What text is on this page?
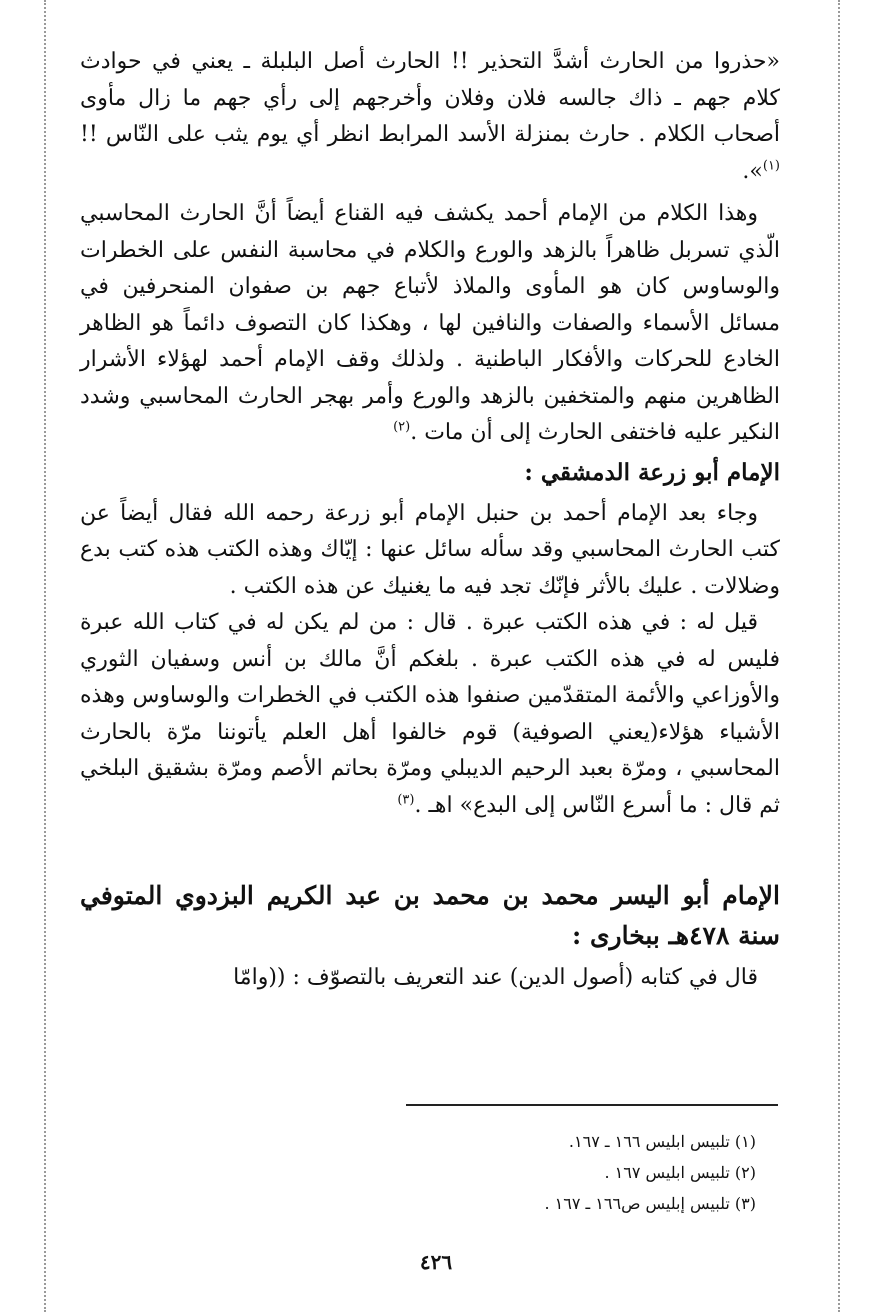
«حذروا من الحارث أشدَّ التحذير !! الحارث أصل البلبلة ـ يعني في حوادث كلام جهم ـ ذاك جالسه فلان وفلان وأخرجهم إلى رأي جهم ما زال مأوى أصحاب الكلام . حارث بمنزلة الأسد المرابط انظر أي يوم يثب على النّاس !!$^{(١)}$».

وهذا الكلام من الإمام أحمد يكشف فيه القناع أيضاً أنَّ الحارث المحاسبي الّذي تسربل ظاهراً بالزهد والورع والكلام في محاسبة النفس على الخطرات والوساوس كان هو المأوى والملاذ لأتباع جهم بن صفوان المنحرفين في مسائل الأسماء والصفات والنافين لها ، وهكذا كان التصوف دائماً هو الظاهر الخادع للحركات والأفكار الباطنية . ولذلك وقف الإمام أحمد لهؤلاء الأشرار الظاهرين منهم والمتخفين بالزهد والورع وأمر بهجر الحارث المحاسبي وشدد النكير عليه فاختفى الحارث إلى أن مات .$^{(٢)}$

الإمام أبو زرعة الدمشقي :

وجاء بعد الإمام أحمد بن حنبل الإمام أبو زرعة رحمه الله فقال أيضاً عن كتب الحارث المحاسبي وقد سأله سائل عنها : إيّاك وهذه الكتب هذه كتب بدع وضلالات . عليك بالأثر فإنّك تجد فيه ما يغنيك عن هذه الكتب .

قيل له : في هذه الكتب عبرة . قال : من لم يكن له في كتاب الله عبرة فليس له في هذه الكتب عبرة . بلغكم أنَّ مالك بن أنس وسفيان الثوري والأوزاعي والأئمة المتقدّمين صنفوا هذه الكتب في الخطرات والوساوس وهذه الأشياء هؤلاء(يعني الصوفية) قوم خالفوا أهل العلم يأتوننا مرّة بالحارث المحاسبي ، ومرّة بعبد الرحيم الديبلي ومرّة بحاتم الأصم ومرّة بشقيق البلخي ثم قال : ما أسرع النّاس إلى البدع» اهـ .$^{(٣)}$

الإمام أبو اليسر محمد بن محمد بن عبد الكريم البزدوي المتوفي سنة ٤٧٨هـ ببخارى :

قال في كتابه (أصول الدين) عند التعريف بالتصوّف : ((وامّا

(١) تلبيس ابليس ١٦٦ ـ ١٦٧.

(٢) تلبيس ابليس ١٦٧ .

(٣) تلبيس إبليس ص١٦٦ ـ ١٦٧ .

٤٢٦
